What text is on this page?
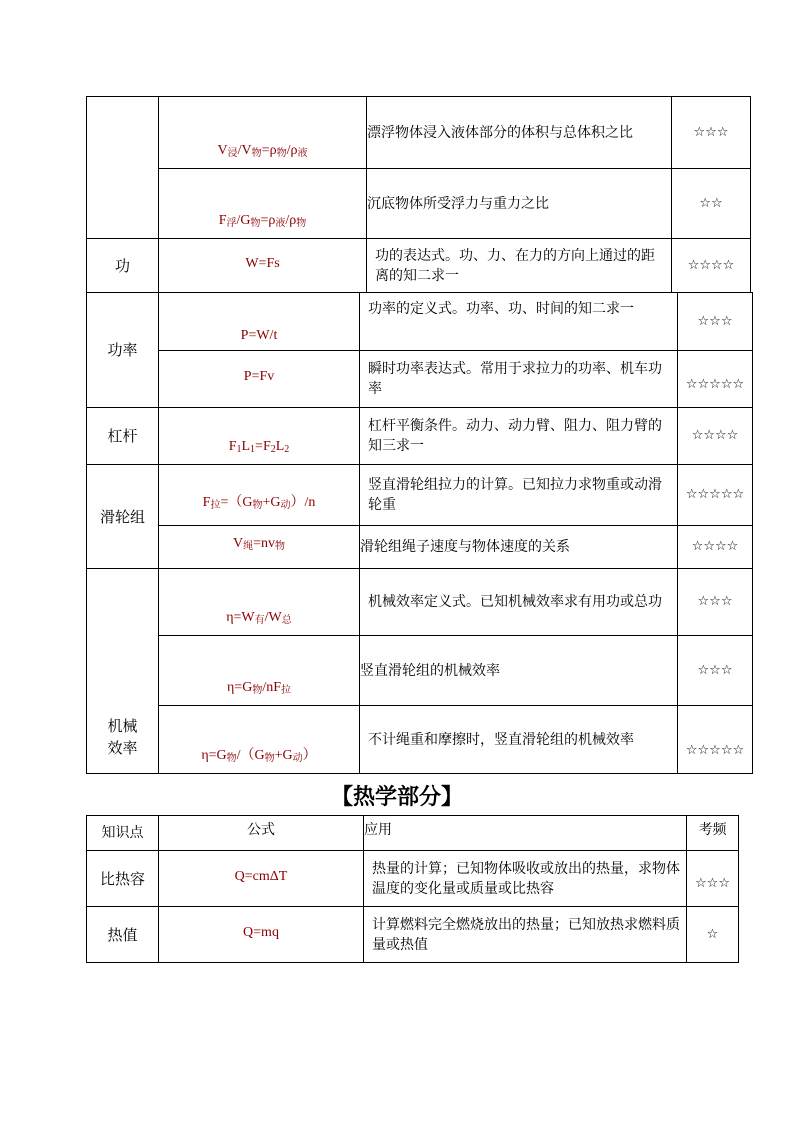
	$V_浸/V_物=\rho_物/\rho_液$	漂浮物体浸入液体部分的体积与总体积之比	☆☆☆
	$F_浮/G_物=\rho_液/\rho_物$	沉底物体所受浮力与重力之比	☆☆
功	W=Fs	功的表达式。功、力、在力的方向上通过的距离的知二求一	☆☆☆☆
功率	P=W/t	功率的定义式。功率、功、时间的知二求一	☆☆☆
	P=Fv	瞬时功率表达式。常用于求拉力的功率、机车功率	☆☆☆☆☆
杠杆	$F_1L_1=F_2L_2$	杠杆平衡条件。动力、动力臂、阻力、阻力臂的知三求一	☆☆☆☆
滑轮组	$F_拉=(G_物+G_动)/n$	竖直滑轮组拉力的计算。已知拉力求物重或动滑轮重	☆☆☆☆☆
	$V_绳=nv_物$	滑轮组绳子速度与物体速度的关系	☆☆☆☆

机械效率	$\eta=W_有/W_总$	机械效率定义式。已知机械效率求有用功或总功	☆☆☆
	$\eta=G_物/nF_拉$	竖直滑轮组的机械效率	☆☆☆
	$\eta=G_物/(G_物+G_动)$	不计绳重和摩擦时，竖直滑轮组的机械效率	☆☆☆☆☆
【热学部分】
知识点	公式	应用	考频
比热容	Q=cmΔT	热量的计算；已知物体吸收或放出的热量，求物体温度的变化量或质量或比热容	☆☆☆
热值	Q=mq	计算燃料完全燃烧放出的热量；已知放热求燃料质量或热值	☆
